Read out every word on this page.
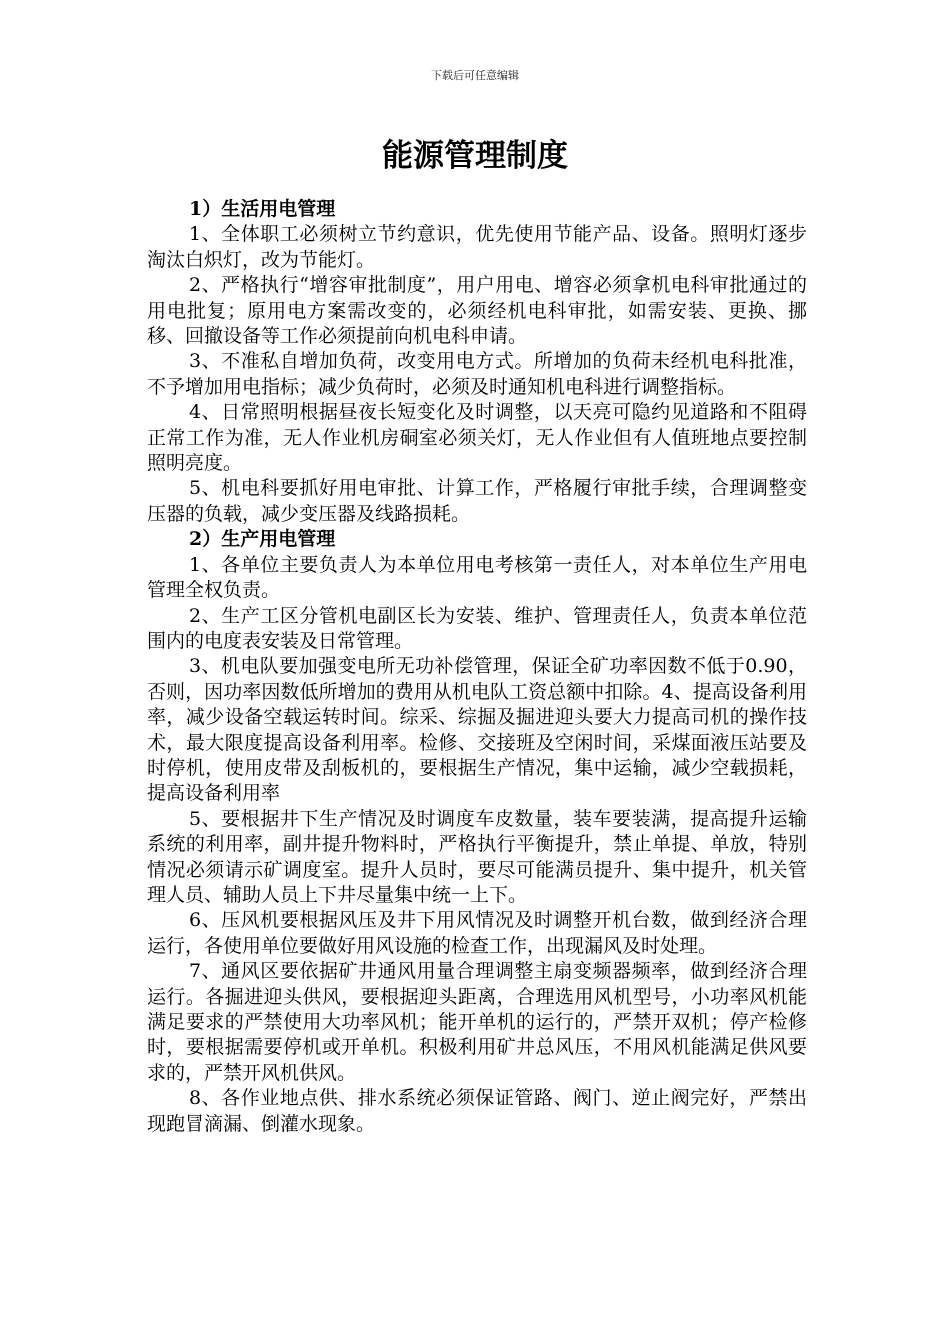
下载后可任意编辑
能源管理制度

1）生活用电管理

1、全体职工必须树立节约意识，优先使用节能产品、设备。照明灯逐步淘汰白炽灯，改为节能灯。

2、严格执行“增容审批制度”，用户用电、增容必须拿机电科审批通过的用电批复；原用电方案需改变的，必须经机电科审批，如需安装、更换、挪移、回撤设备等工作必须提前向机电科申请。

3、不准私自增加负荷，改变用电方式。所增加的负荷未经机电科批准，不予增加用电指标；减少负荷时，必须及时通知机电科进行调整指标。

4、日常照明根据昼夜长短变化及时调整，以天亮可隐约见道路和不阻碍正常工作为准，无人作业机房硐室必须关灯，无人作业但有人值班地点要控制照明亮度。

5、机电科要抓好用电审批、计算工作，严格履行审批手续，合理调整变压器的负载，减少变压器及线路损耗。

2）生产用电管理

1、各单位主要负责人为本单位用电考核第一责任人，对本单位生产用电管理全权负责。

2、生产工区分管机电副区长为安装、维护、管理责任人，负责本单位范围内的电度表安装及日常管理。

3、机电队要加强变电所无功补偿管理，保证全矿功率因数不低于0.90，否则，因功率因数低所增加的费用从机电队工资总额中扣除。4、提高设备利用率，减少设备空载运转时间。综采、综掘及掘进迎头要大力提高司机的操作技术，最大限度提高设备利用率。检修、交接班及空闲时间，采煤面液压站要及时停机，使用皮带及刮板机的，要根据生产情况，集中运输，减少空载损耗，提高设备利用率

5、要根据井下生产情况及时调度车皮数量，装车要装满，提高提升运输系统的利用率，副井提升物料时，严格执行平衡提升，禁止单提、单放，特别情况必须请示矿调度室。提升人员时，要尽可能满员提升、集中提升，机关管理人员、辅助人员上下井尽量集中统一上下。

6、压风机要根据风压及井下用风情况及时调整开机台数，做到经济合理运行，各使用单位要做好用风设施的检查工作，出现漏风及时处理。

7、通风区要依据矿井通风用量合理调整主扇变频器频率，做到经济合理运行。各掘进迎头供风，要根据迎头距离，合理选用风机型号，小功率风机能满足要求的严禁使用大功率风机；能开单机的运行的，严禁开双机；停产检修时，要根据需要停机或开单机。积极利用矿井总风压，不用风机能满足供风要求的，严禁开风机供风。

8、各作业地点供、排水系统必须保证管路、阀门、逆止阀完好，严禁出现跑冒滴漏、倒灌水现象。
